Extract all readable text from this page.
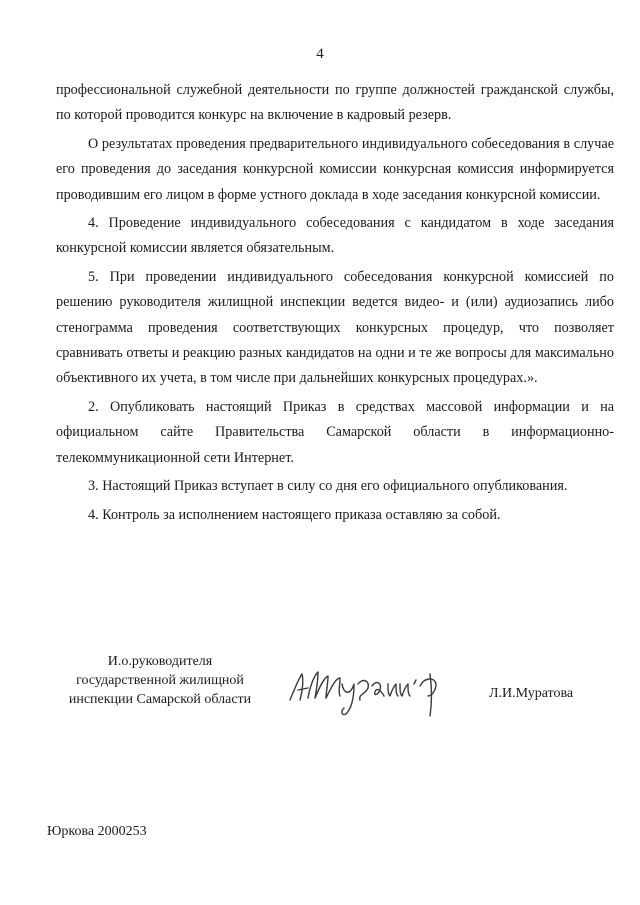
4

профессиональной служебной деятельности по группе должностей гражданской службы, по которой проводится конкурс на включение в кадровый резерв.

О результатах проведения предварительного индивидуального собеседования в случае его проведения до заседания конкурсной комиссии конкурсная комиссия информируется проводившим его лицом в форме устного доклада в ходе заседания конкурсной комиссии.

4. Проведение индивидуального собеседования с кандидатом в ходе заседания конкурсной комиссии является обязательным.

5. При проведении индивидуального собеседования конкурсной комиссией по решению руководителя жилищной инспекции ведется видео- и (или) аудиозапись либо стенограмма проведения соответствующих конкурсных процедур, что позволяет сравнивать ответы и реакцию разных кандидатов на одни и те же вопросы для максимально объективного их учета, в том числе при дальнейших конкурсных процедурах.».

2. Опубликовать настоящий Приказ в средствах массовой информации и на официальном сайте Правительства Самарской области в информационно-телекоммуникационной сети Интернет.

3. Настоящий Приказ вступает в силу со дня его официального опубликования.

4. Контроль за исполнением настоящего приказа оставляю за собой.

И.о.руководителя
государственной жилищной
инспекции Самарской области	Л.И.Муратова
Юркова 2000253
